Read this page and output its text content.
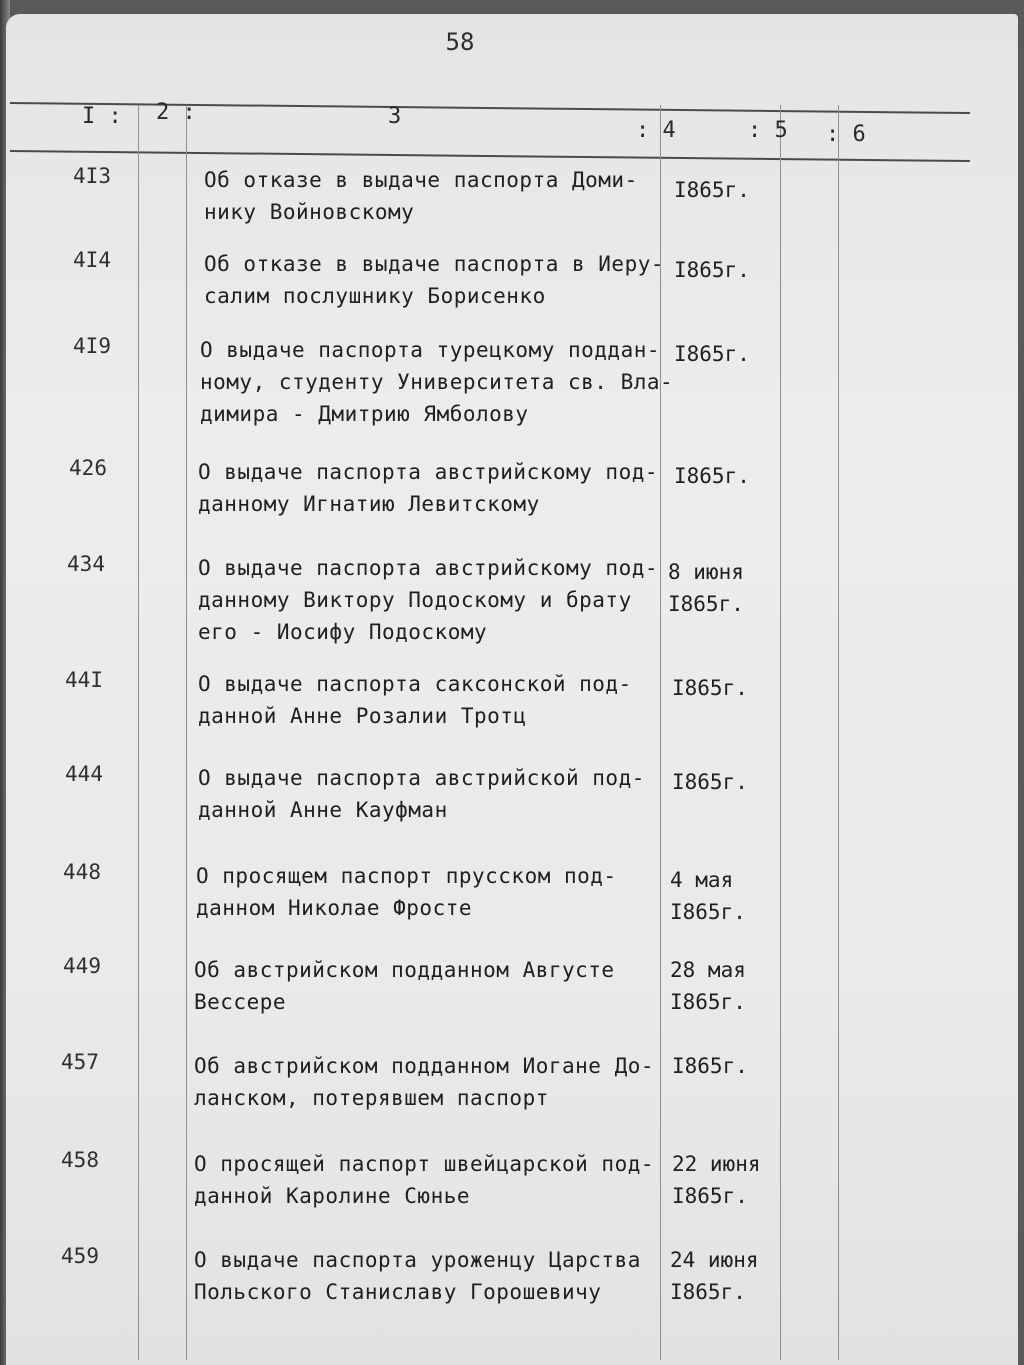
58
I : 2 :	3
: 4	: 5 : 6
4I3	Об отказе в выдаче паспорта Доми-
нику Войновскому
I865г.
4I4	Об отказе в выдаче паспорта в Иеру-
салим послушнику Борисенко
I865г.
4I9	О выдаче паспорта турецкому поддан-
ному, студенту Университета св. Вла-
димира - Дмитрию Ямболову
I865г.
426	О выдаче паспорта австрийскому под-
данному Игнатию Левитскому
I865г.
434	О выдаче паспорта австрийскому под-
данному Виктору Подоскому и брату
его - Иосифу Подоскому
8 июня
I865г.
44I	О выдаче паспорта саксонской под-
данной Анне Розалии Тротц
I865г.
444	О выдаче паспорта австрийской под-
данной Анне Кауфман
I865г.
448	О просящем паспорт прусском под-
данном Николае Фросте
4 мая
I865г.
449	Об австрийском подданном Августе
Вессере
28 мая
I865г.
457	Об австрийском подданном Иогане До-
ланском, потерявшем паспорт
I865г.
458	О просящей паспорт швейцарской под-
данной Каролине Сюнье
22 июня
I865г.
459	О выдаче паспорта уроженцу Царства
Польского Станиславу Горошевичу
24 июня
I865г.
